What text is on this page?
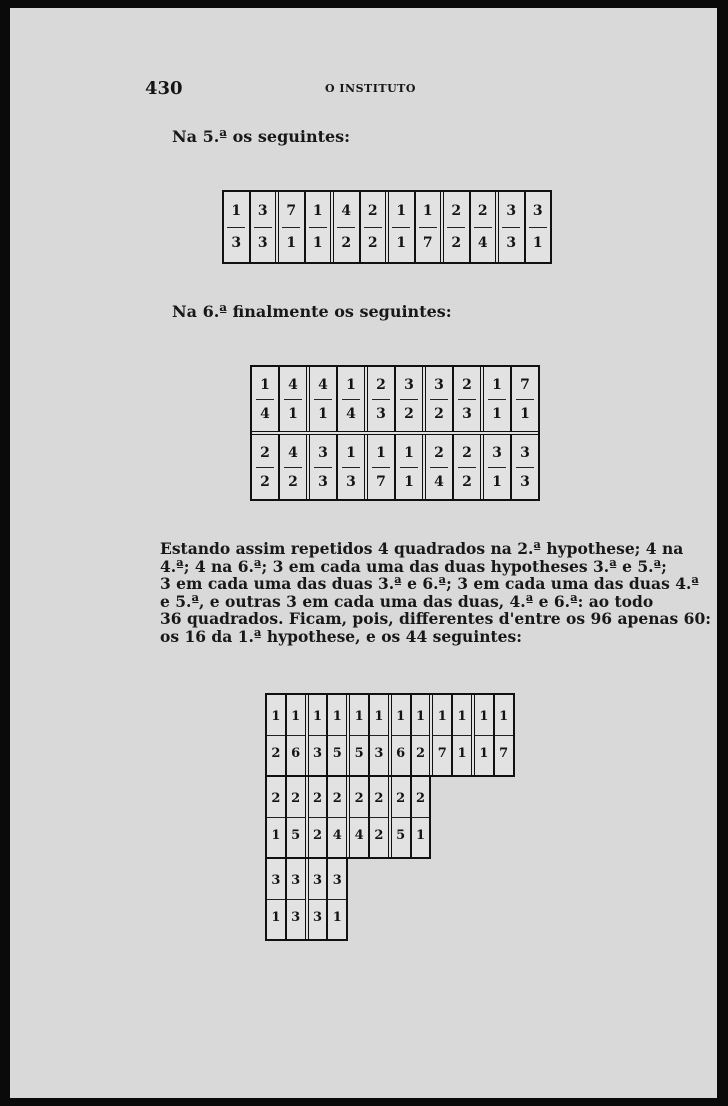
430	O INSTITUTO
Na 5.ª os seguintes:
1
3
3
3
7
1
1
1
4
2
2
2
1
1
1
7
2
2
2
4
3
3
3
1
Na 6.ª finalmente os seguintes:
1
4
4
1
4
1
1
4
2
3
3
2
3
2
2
3
1
1
7
1
2
2
4
2
3
3
1
3
1
7
1
1
2
4
2
2
3
1
3
3
Estando assim repetidos 4 quadrados na 2.ª hypothese; 4 na
4.ª; 4 na 6.ª; 3 em cada uma das duas hypotheses 3.ª e 5.ª;
3 em cada uma das duas 3.ª e 6.ª; 3 em cada uma das duas 4.ª
e 5.ª, e outras 3 em cada uma das duas, 4.ª e 6.ª: ao todo
36 quadrados. Ficam, pois, differentes d'entre os 96 apenas 60:
os 16 da 1.ª hypothese, e os 44 seguintes:
1
2
1
6
1
3
1
5
1
5
1
3
1
6
1
2
1
7
1
1
1
1
1
7
2
1
2
5
2
2
2
4
2
4
2
2
2
5
2
1
3
1
3
3
3
3
3
1
